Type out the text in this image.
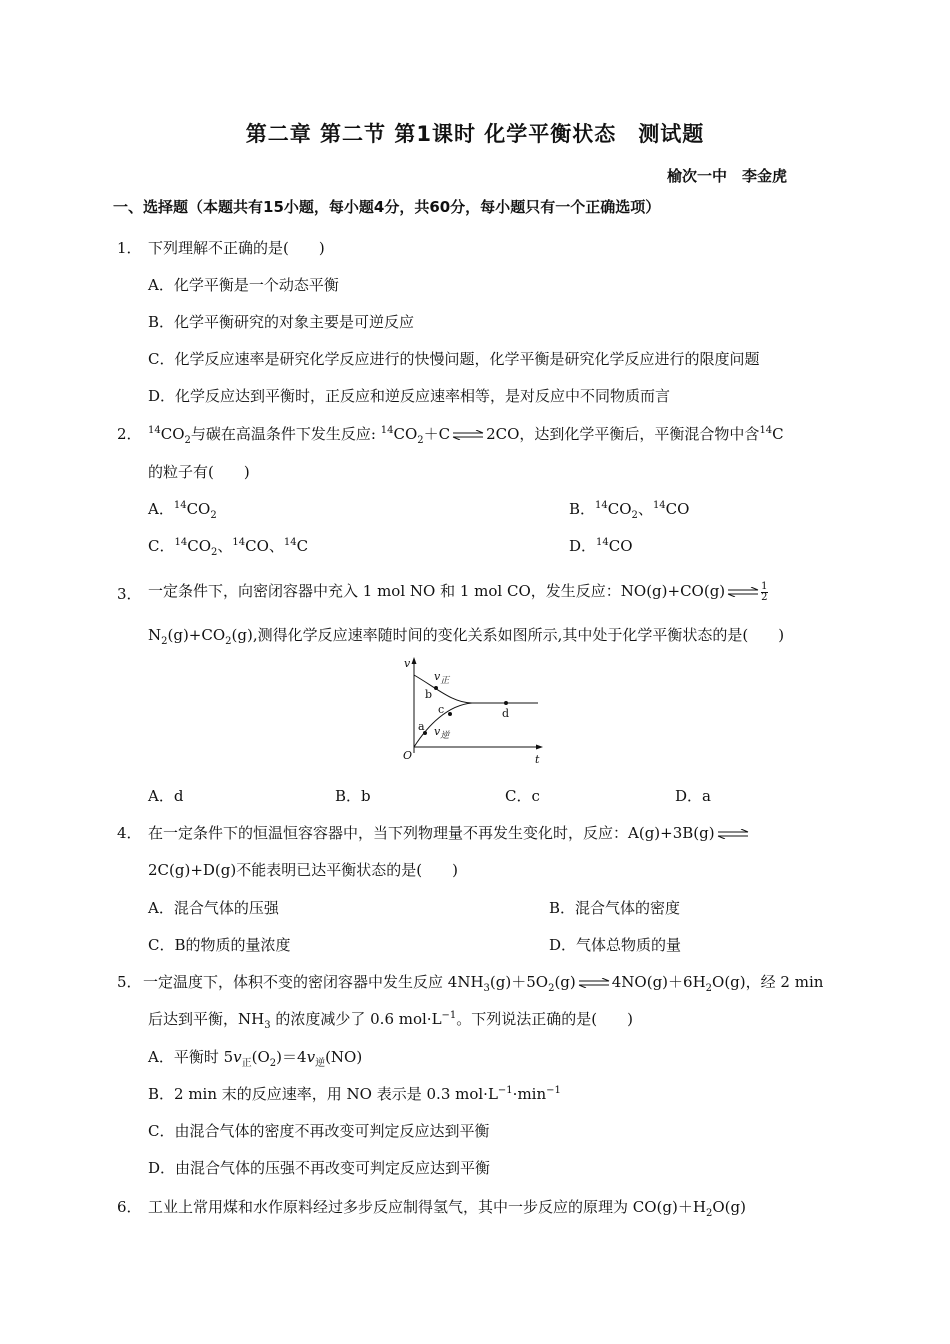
第二章 第二节 第1课时 化学平衡状态　测试题
榆次一中　李金虎
一、选择题（本题共有15小题，每小题4分，共60分，每小题只有一个正确选项）
1． 下列理解不正确的是(　　)
A．化学平衡是一个动态平衡
B．化学平衡研究的对象主要是可逆反应
C．化学反应速率是研究化学反应进行的快慢问题，化学平衡是研究化学反应进行的限度问题
D．化学反应达到平衡时，正反应和逆反应速率相等，是对反应中不同物质而言
2． $^{14}CO_2$与碳在高温条件下发生反应: $^{14}CO_2+C$ ⇌ 2CO，达到化学平衡后，平衡混合物中含$^{14}$C
的粒子有(　　)
A．$^{14}CO_2$	B．$^{14}CO_2$、$^{14}$CO
C．$^{14}CO_2$、$^{14}$CO、$^{14}$C	D．$^{14}$CO
3． 一定条件下，向密闭容器中充入 1 mol NO 和 1 mol CO，发生反应：NO(g)+CO(g) ⇌ $\frac{1}{2}$
$N_2(g)+CO_2(g)$,测得化学反应速率随时间的变化关系如图所示,其中处于化学平衡状态的是(　　)
v
t
O
b
c
a
d
$v_正$
$v_逆$
A．d	B．b	C．c	D．a
4． 在一定条件下的恒温恒容容器中，当下列物理量不再发生变化时，反应：A(g)+3B(g) ⇌
2C(g)+D(g)不能表明已达平衡状态的是(　　)
A．混合气体的压强	B．混合气体的密度
C．B的物质的量浓度	D．气体总物质的量
5． 一定温度下，体积不变的密闭容器中发生反应 $4NH_3(g)+5O_2(g)$ ⇌ $4NO(g)+6H_2O(g)$，经 2 min
后达到平衡，$NH_3$ 的浓度减少了 0.6 $mol\cdot L^{-1}$。下列说法正确的是(　　)
A．平衡时 $5v_正(O_2)=4v_逆(NO)$
B．2 min 末的反应速率，用 NO 表示是 0.3 $mol\cdot L^{-1}\cdot\min^{-1}$
C．由混合气体的密度不再改变可判定反应达到平衡
D．由混合气体的压强不再改变可判定反应达到平衡
6． 工业上常用煤和水作原料经过多步反应制得氢气，其中一步反应的原理为 $CO(g)+H_2O(g)$
